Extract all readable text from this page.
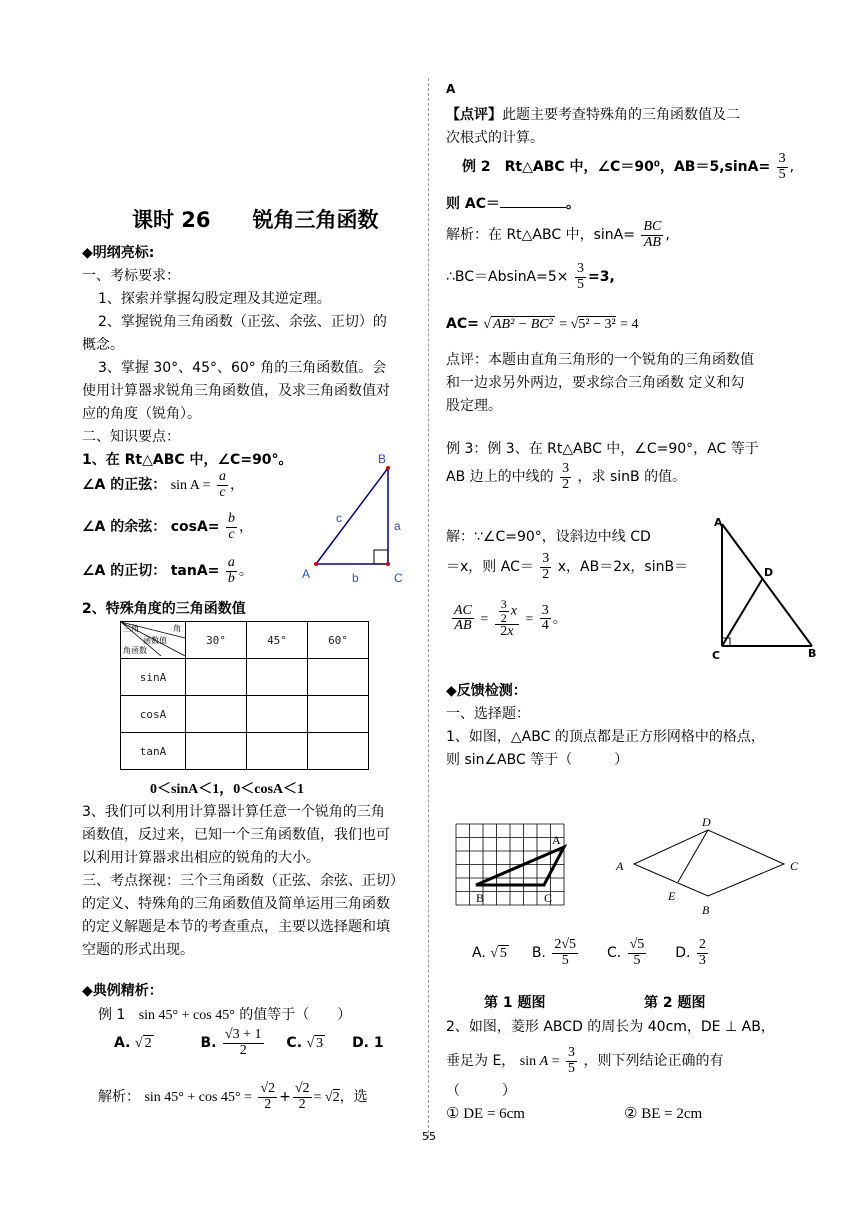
课时 26　　锐角三角函数
◆明纲亮标:
一、考标要求：
1、探索并掌握勾股定理及其逆定理。
2、掌握锐角三角函数（正弦、余弦、正切）的
概念。
3、掌握 30°、45°、60° 角的三角函数值。会
使用计算器求锐角三角函数值，及求三角函数值对
应的角度（锐角）。
二、知识要点：
1、在 Rt△ABC 中，∠C=90°。
∠A 的正弦： $\sin A = \frac{a}{c}$ ，
∠A 的余弦： $\cos A= \frac{b}{c}$ ，
∠A 的正切： $\tan A= \frac{a}{b}$ 。	A
B
C
a
b
c
2、特殊角度的三角函数值
三角 角
函数值
角函数	30°	45°	60°
sinA			
cosA			
tanA			
0＜sinA＜1，0＜cosA＜1
3、我们可以利用计算器计算任意一个锐角的三角
函数值，反过来，已知一个三角函数值，我们也可
以利用计算器求出相应的锐角的大小。
三、考点探视：三个三角函数（正弦、余弦、正切）
的定义、特殊角的三角函数值及简单运用三角函数
的定义解题是本节的考查重点，主要以选择题和填
空题的形式出现。
◆典例精析：
例 1 sin 45° + cos 45° 的值等于（　　）
A. √ 2	B. $\frac{√3 + 1}{2} C$. √ 3 D. 1
解析： $\sin 45^\circ + \cos 45^\circ = \frac{√2}{2} + \frac{√2}{2} = √2$，选
A
【点评】此题主要考查特殊角的三角函数值及二
次根式的计算。
例 2　Rt△ABC 中，∠C＝90⁰，$AB=5,\sin A= \frac{3}{5}$ ,
则 AC＝	。
解析：在 Rt△ABC 中，$\sin A= \frac{BC}{AB}$ ,
∴BC＝AbsinA=5× $\frac{3}{5} =3$,
AC= √ AB² − BC² = √5² − 3² = 4
点评：本题由直角三角形的一个锐角的三角函数值
和一边求另外两边，要求综合三角函数 定义和勾
股定理。
例 3：例 3、在 Rt△ABC 中，∠C=90°，AC 等于
AB 边上的中线的 $\frac{3}{2}$ ，求 sinB 的值。
解：∵∠C=90°，设斜边中线 CD
＝x，则 $AC= \frac{3}{2}$ x，AB＝2x，sinB＝
$\frac{AC}{AB} = \frac{\frac{3}{2} x}{2x} = \frac{3}{4}$ 。
A
C	B
D
◆反馈检测：
一、选择题：
1、如图，△ABC 的顶点都是正方形网格中的格点，
则 sin∠ABC 等于（　　　）
A
B	C
D
A	C
E
B
A. √ 5 B. $\frac{2√5}{5} C$. $\frac{√5}{5} D$. $\frac{2}{3}$
第 1 题图	第 2 题图
2、如图，菱形 ABCD 的周长为 40cm，DE ⊥ AB，
垂足为 E， $\sin A = \frac{3}{5}$ ，则下列结论正确的有
（　　　）
① DE = 6cm	② BE = 2cm
55
